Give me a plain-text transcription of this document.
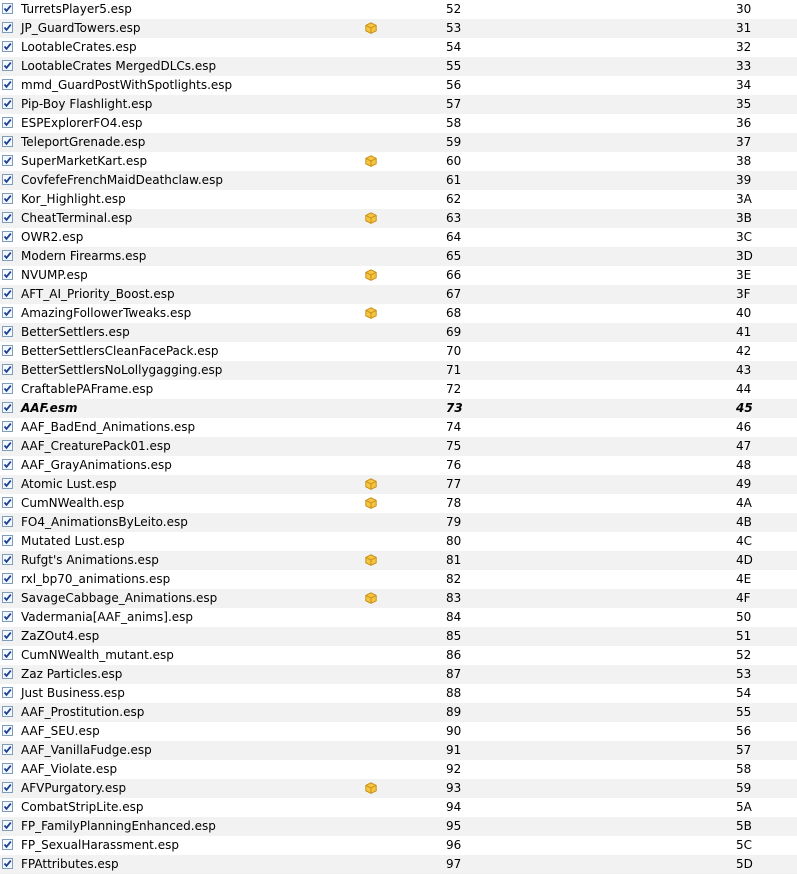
TurretsPlayer5.esp	52	30
JP_GuardTowers.esp	53	31
LootableCrates.esp	54	32
LootableCrates MergedDLCs.esp	55	33
mmd_GuardPostWithSpotlights.esp	56	34
Pip-Boy Flashlight.esp	57	35
ESPExplorerFO4.esp	58	36
TeleportGrenade.esp	59	37
SuperMarketKart.esp	60	38
CovfefeFrenchMaidDeathclaw.esp	61	39
Kor_Highlight.esp	62	3A
CheatTerminal.esp	63	3B
OWR2.esp	64	3C
Modern Firearms.esp	65	3D
NVUMP.esp	66	3E
AFT_AI_Priority_Boost.esp	67	3F
AmazingFollowerTweaks.esp	68	40
BetterSettlers.esp	69	41
BetterSettlersCleanFacePack.esp	70	42
BetterSettlersNoLollygagging.esp	71	43
CraftablePAFrame.esp	72	44
AAF.esm	73	45
AAF_BadEnd_Animations.esp	74	46
AAF_CreaturePack01.esp	75	47
AAF_GrayAnimations.esp	76	48
Atomic Lust.esp	77	49
CumNWealth.esp	78	4A
FO4_AnimationsByLeito.esp	79	4B
Mutated Lust.esp	80	4C
Rufgt's Animations.esp	81	4D
rxl_bp70_animations.esp	82	4E
SavageCabbage_Animations.esp	83	4F
Vadermania[AAF_anims].esp	84	50
ZaZOut4.esp	85	51
CumNWealth_mutant.esp	86	52
Zaz Particles.esp	87	53
Just Business.esp	88	54
AAF_Prostitution.esp	89	55
AAF_SEU.esp	90	56
AAF_VanillaFudge.esp	91	57
AAF_Violate.esp	92	58
AFVPurgatory.esp	93	59
CombatStripLite.esp	94	5A
FP_FamilyPlanningEnhanced.esp	95	5B
FP_SexualHarassment.esp	96	5C
FPAttributes.esp	97	5D
